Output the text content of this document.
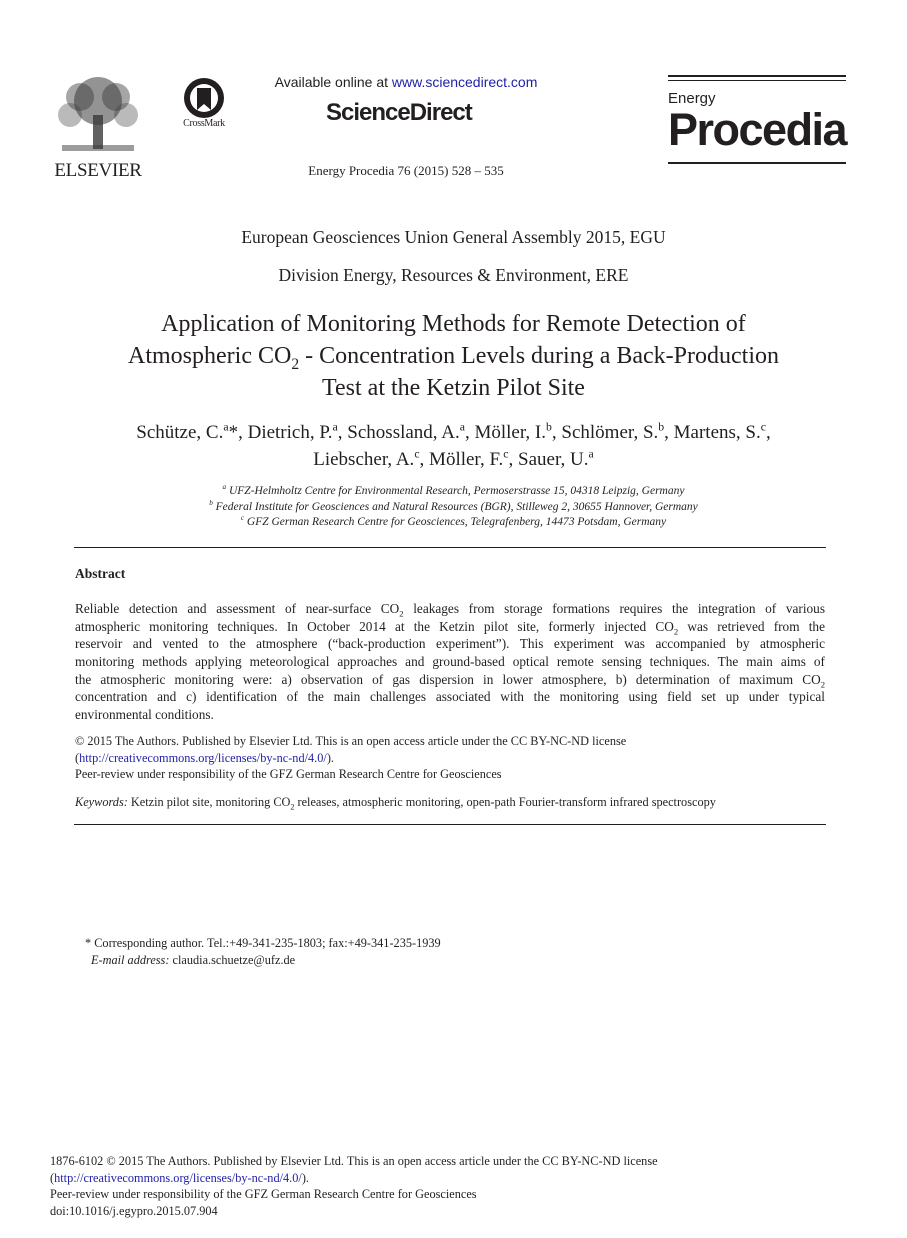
ELSEVIER
CrossMark
Available online at www.sciencedirect.com
ScienceDirect
Energy Procedia 76 (2015) 528 – 535
Energy
Procedia
European Geosciences Union General Assembly 2015, EGU
Division Energy, Resources & Environment, ERE
Application of Monitoring Methods for Remote Detection of
Atmospheric $CO_2$ - Concentration Levels during a Back-Production
Test at the Ketzin Pilot Site
Schütze, C.$^a$*, Dietrich, P.$^a$, Schossland, A.$^a$, Möller, I.$^b$, Schlömer, S.$^b$, Martens, S.$^c$,
Liebscher, A.$^c$, Möller, F.$^c$, Sauer, U.$^a$
$^a$ UFZ-Helmholtz Centre for Environmental Research, Permoserstrasse 15, 04318 Leipzig, Germany
$^b$ Federal Institute for Geosciences and Natural Resources (BGR), Stilleweg 2, 30655 Hannover, Germany
$^c$ GFZ German Research Centre for Geosciences, Telegrafenberg, 14473 Potsdam, Germany
Abstract
Reliable detection and assessment of near-surface $CO_2$ leakages from storage formations requires the integration of various
atmospheric monitoring techniques. In October 2014 at the Ketzin pilot site, formerly injected $CO_2$ was retrieved from the
reservoir and vented to the atmosphere (“back-production experiment”). This experiment was accompanied by atmospheric
monitoring methods applying meteorological approaches and ground-based optical remote sensing techniques. The main aims of
the atmospheric monitoring were: a) observation of gas dispersion in lower atmosphere, b) determination of maximum $CO_2$
concentration and c) identification of the main challenges associated with the monitoring using field set up under typical
environmental conditions.
© 2015 The Authors. Published by Elsevier Ltd. This is an open access article under the CC BY-NC-ND license
(http://creativecommons.org/licenses/by-nc-nd/4.0/).
Peer-review under responsibility of the GFZ German Research Centre for Geosciences
Keywords: Ketzin pilot site, monitoring $CO_2$ releases, atmospheric monitoring, open-path Fourier-transform infrared spectroscopy
* Corresponding author. Tel.:+49-341-235-1803; fax:+49-341-235-1939
E-mail address: claudia.schuetze@ufz.de
1876-6102 © 2015 The Authors. Published by Elsevier Ltd. This is an open access article under the CC BY-NC-ND license
(http://creativecommons.org/licenses/by-nc-nd/4.0/).
Peer-review under responsibility of the GFZ German Research Centre for Geosciences
doi:10.1016/j.egypro.2015.07.904
